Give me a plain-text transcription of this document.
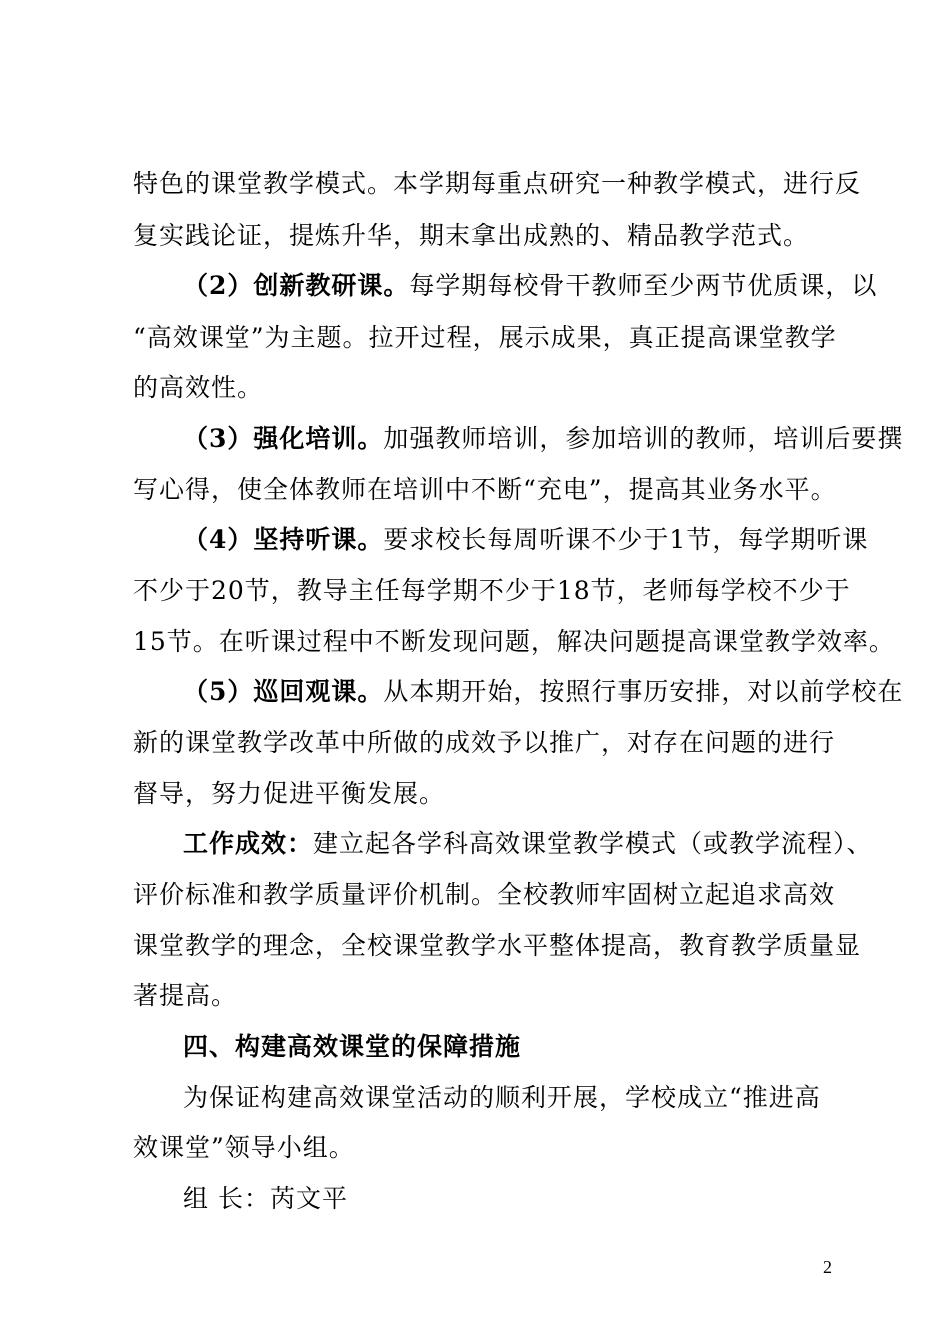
特色的课堂教学模式。本学期每重点研究一种教学模式，进行反
复实践论证，提炼升华，期末拿出成熟的、精品教学范式。
（2）创新教研课。每学期每校骨干教师至少两节优质课，以
“高效课堂”为主题。拉开过程，展示成果，真正提高课堂教学
的高效性。
（3）强化培训。加强教师培训，参加培训的教师，培训后要撰
写心得，使全体教师在培训中不断“充电”，提高其业务水平。
（4）坚持听课。要求校长每周听课不少于1节，每学期听课
不少于20节，教导主任每学期不少于18节，老师每学校不少于
15节。在听课过程中不断发现问题，解决问题提高课堂教学效率。
（5）巡回观课。从本期开始，按照行事历安排，对以前学校在
新的课堂教学改革中所做的成效予以推广，对存在问题的进行
督导，努力促进平衡发展。
工作成效：建立起各学科高效课堂教学模式（或教学流程）、
评价标准和教学质量评价机制。全校教师牢固树立起追求高效
课堂教学的理念，全校课堂教学水平整体提高，教育教学质量显
著提高。
四、构建高效课堂的保障措施
为保证构建高效课堂活动的顺利开展，学校成立“推进高
效课堂”领导小组。
组 长：芮文平
2
